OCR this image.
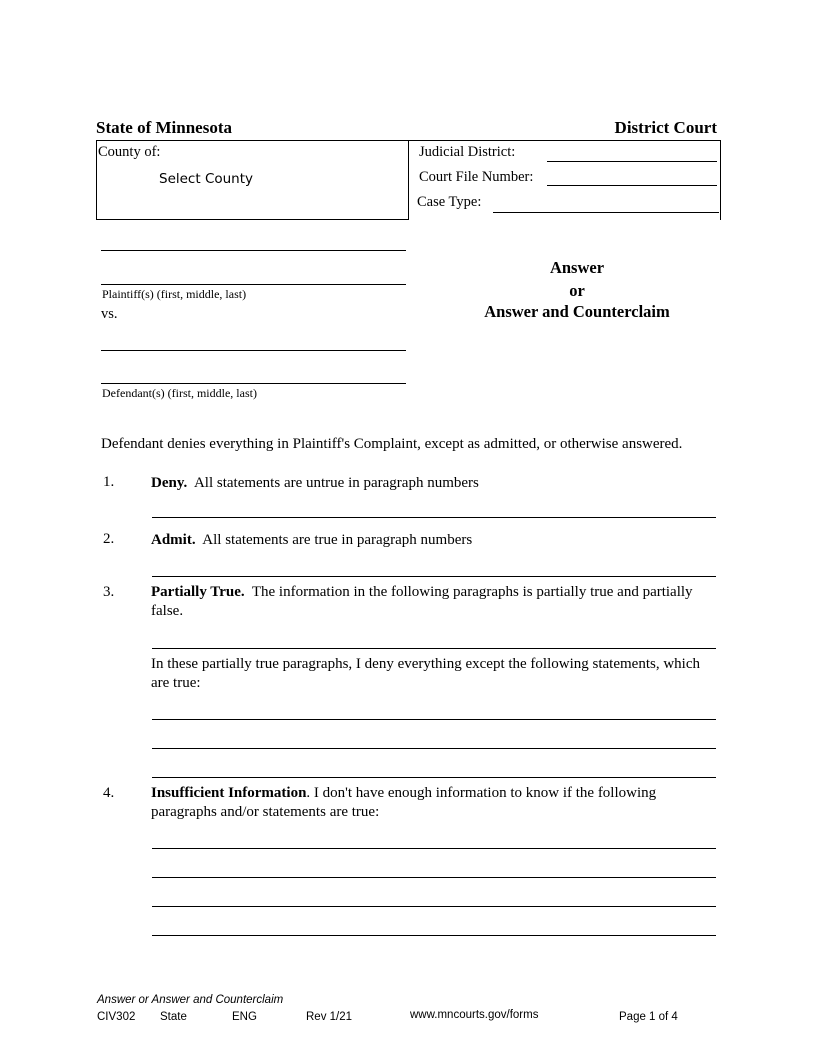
State of Minnesota	District Court
County of:
Select County
Judicial District:
Court File Number:
Case Type:
Plaintiff(s) (first, middle, last)
vs.
Defendant(s) (first, middle, last)
Answer
or
Answer and Counterclaim
Defendant denies everything in Plaintiff's Complaint, except as admitted, or otherwise answered.
1. Deny. All statements are untrue in paragraph numbers
2. Admit. All statements are true in paragraph numbers
3. Partially True. The information in the following paragraphs is partially true and partially false.
In these partially true paragraphs, I deny everything except the following statements, which are true:
4. Insufficient Information. I don't have enough information to know if the following paragraphs and/or statements are true:
Answer or Answer and Counterclaim
CIV302 State	ENG	Rev 1/21	www.mncourts.gov/forms	Page 1 of 4
